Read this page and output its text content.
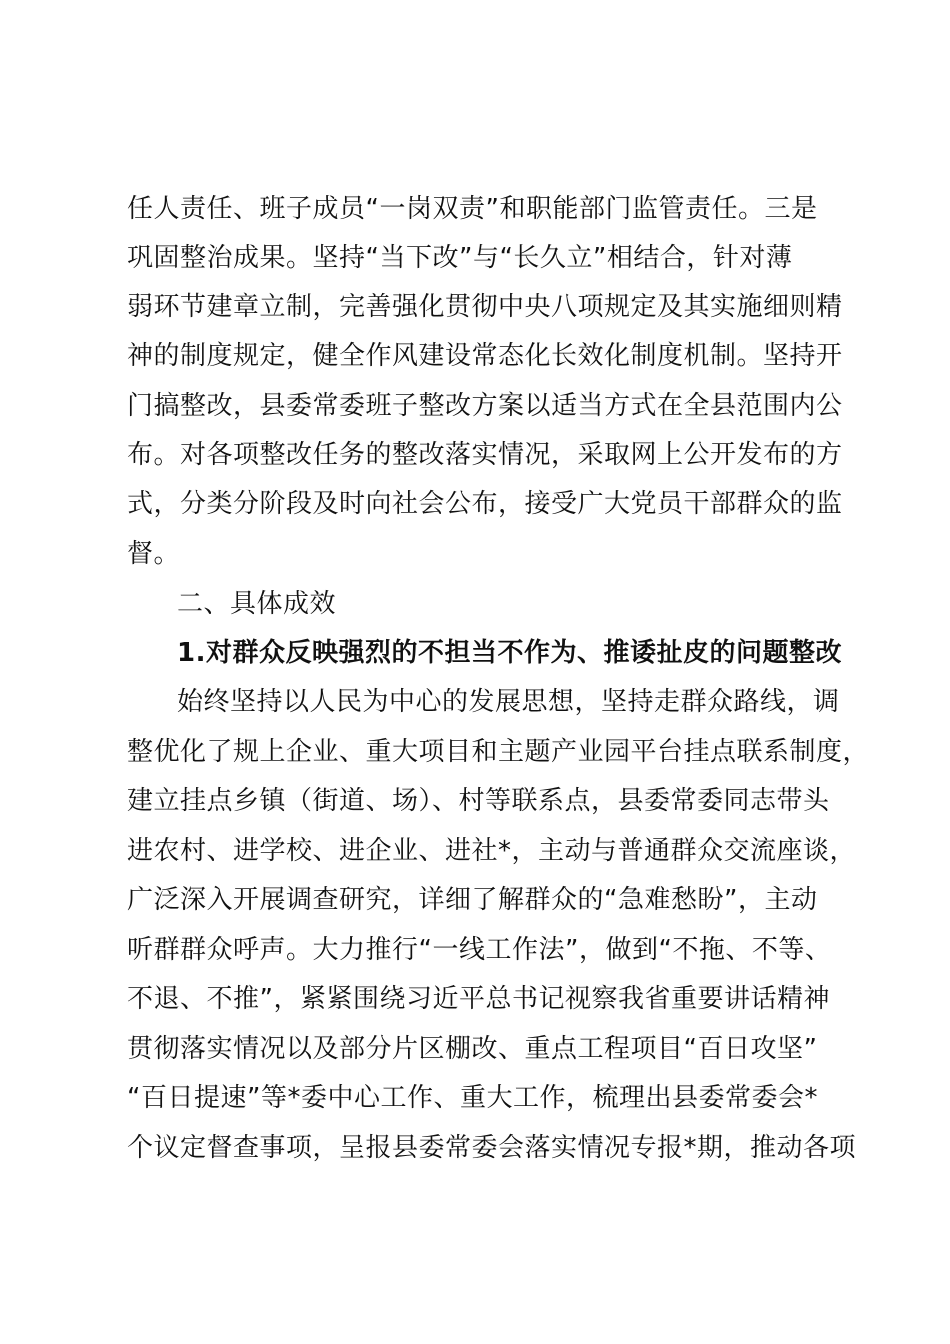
任人责任、班子成员“一岗双责”和职能部门监管责任。三是
巩固整治成果。坚持“当下改”与“长久立”相结合，针对薄
弱环节建章立制，完善强化贯彻中央八项规定及其实施细则精
神的制度规定，健全作风建设常态化长效化制度机制。坚持开
门搞整改，县委常委班子整改方案以适当方式在全县范围内公
布。对各项整改任务的整改落实情况，采取网上公开发布的方
式，分类分阶段及时向社会公布，接受广大党员干部群众的监
督。
二、具体成效
1.对群众反映强烈的不担当不作为、推诿扯皮的问题整改
始终坚持以人民为中心的发展思想，坚持走群众路线，调
整优化了规上企业、重大项目和主题产业园平台挂点联系制度，
建立挂点乡镇（街道、场）、村等联系点，县委常委同志带头
进农村、进学校、进企业、进社*，主动与普通群众交流座谈，
广泛深入开展调查研究，详细了解群众的“急难愁盼”，主动
听群群众呼声。大力推行“一线工作法”，做到“不拖、不等、
不退、不推”，紧紧围绕习近平总书记视察我省重要讲话精神
贯彻落实情况以及部分片区棚改、重点工程项目“百日攻坚”
“百日提速”等*委中心工作、重大工作，梳理出县委常委会*
个议定督查事项，呈报县委常委会落实情况专报*期，推动各项
